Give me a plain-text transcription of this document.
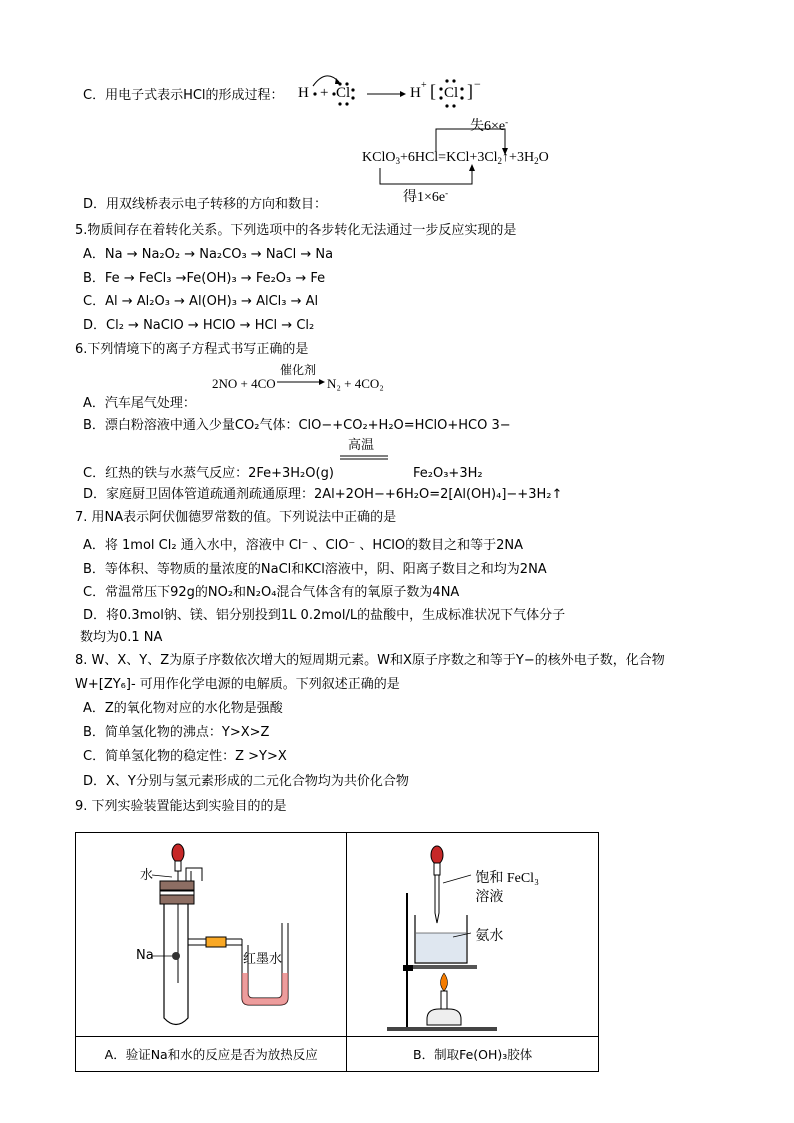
C．用电子式表示HCl的形成过程： H + Cl	H + [ Cl ] −
失6×e-
$KClO_3+6HCl=KCl+3Cl_2↑+3H_2O$
得1×6e-
D．用双线桥表示电子转移的方向和数目：
5.物质间存在着转化关系。下列选项中的各步转化无法通过一步反应实现的是
A．Na → Na₂O₂ → Na₂CO₃ → NaCl → Na
B．Fe → FeCl₃ →Fe(OH)₃ → Fe₂O₃ → Fe
C．Al → Al₂O₃ → Al(OH)₃ → AlCl₃ → Al
D．Cl₂ → NaClO → HClO → HCl → Cl₂
6.下列情境下的离子方程式书写正确的是
2NO + 4CO
催化剂
N₂ + 4CO₂
A．汽车尾气处理：
B．漂白粉溶液中通入少量CO₂气体：ClO−+CO₂+H₂O=HClO+HCO 3−
高温
C．红热的铁与水蒸气反应：2Fe+3H₂O(g)	Fe₂O₃+3H₂
D．家庭厨卫固体管道疏通剂疏通原理：2Al+2OH−+6H₂O=2[Al(OH)₄]−+3H₂↑
7. 用NA表示阿伏伽德罗常数的值。下列说法中正确的是
A．将 1mol Cl₂ 通入水中，溶液中 Cl⁻ 、ClO⁻ 、HClO的数目之和等于2NA
B．等体积、等物质的量浓度的NaCl和KCl溶液中，阴、阳离子数目之和均为2NA
C．常温常压下92g的NO₂和N₂O₄混合气体含有的氧原子数为4NA
D．将0.3mol钠、镁、铝分别投到1L 0.2mol/L的盐酸中，生成标准状况下气体分子
数均为0.1 NA
8. W、X、Y、Z为原子序数依次增大的短周期元素。W和X原子序数之和等于Y−的核外电子数，化合物
W+[ZY₆]- 可用作化学电源的电解质。下列叙述正确的是
A．Z的氧化物对应的水化物是强酸
B．简单氢化物的沸点：Y>X>Z
C．简单氢化物的稳定性：Z >Y>X
D．X、Y分别与氢元素形成的二元化合物均为共价化合物
9. 下列实验装置能达到实验目的的是
水
Na 红墨水	饱和 FeCl₃
溶液
氨水

A．验证Na和水的反应是否为放热反应	B．制取Fe(OH)₃胶体
